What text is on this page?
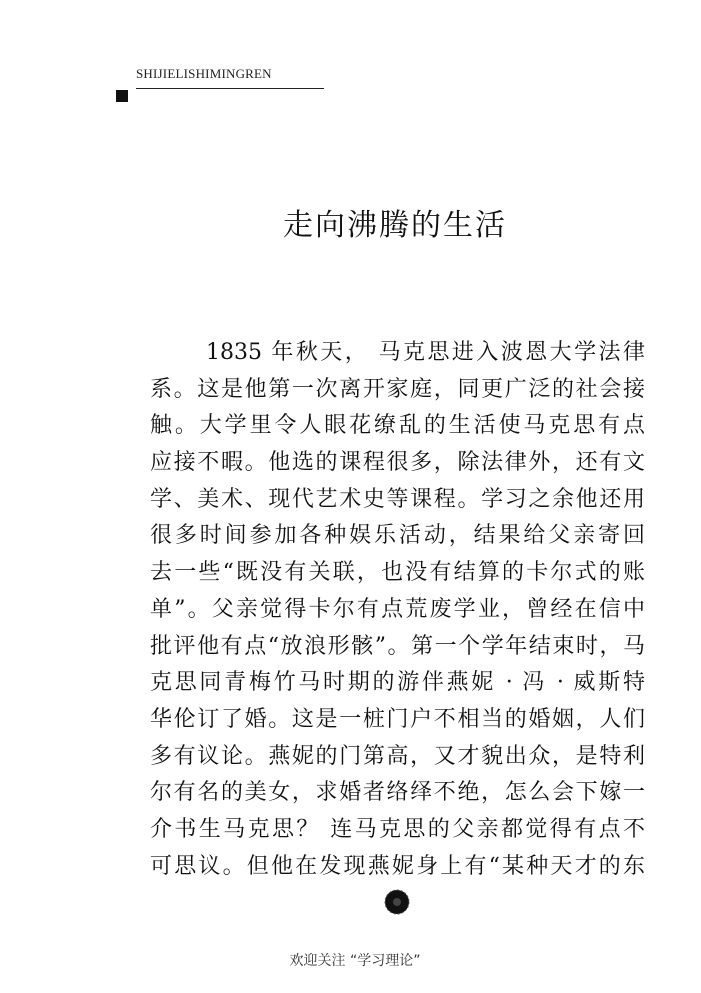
SHIJIELISHIMINGREN
走向沸腾的生活
1835 年秋天， 马克思进入波恩大学法律
系。这是他第一次离开家庭，同更广泛的社会接
触。大学里令人眼花缭乱的生活使马克思有点
应接不暇。他选的课程很多，除法律外，还有文
学、美术、现代艺术史等课程。学习之余他还用
很多时间参加各种娱乐活动，结果给父亲寄回
去一些“既没有关联，也没有结算的卡尔式的账
单”。父亲觉得卡尔有点荒废学业，曾经在信中
批评他有点“放浪形骸”。第一个学年结束时，马
克思同青梅竹马时期的游伴燕妮 · 冯 · 威斯特
华伦订了婚。这是一桩门户不相当的婚姻，人们
多有议论。燕妮的门第高，又才貌出众，是特利
尔有名的美女，求婚者络绎不绝，怎么会下嫁一
介书生马克思？ 连马克思的父亲都觉得有点不
可思议。但他在发现燕妮身上有“某种天才的东
欢迎关注 “学习理论”
